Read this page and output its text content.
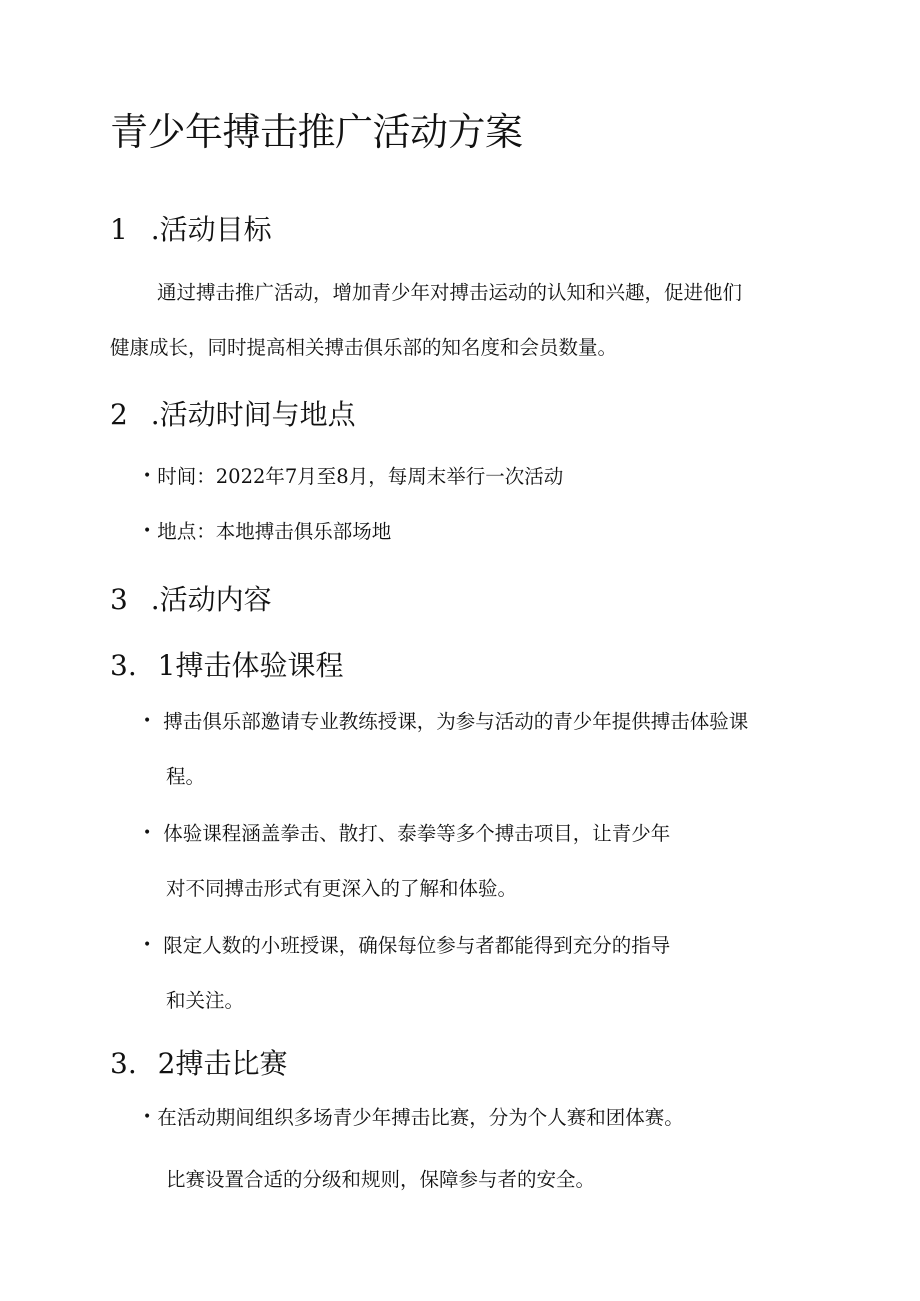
青少年搏击推广活动方案
1 .活动目标
通过搏击推广活动，增加青少年对搏击运动的认知和兴趣，促进他们
健康成长，同时提高相关搏击俱乐部的知名度和会员数量。
2 .活动时间与地点
• 时间：2022年7月至8月，每周末举行一次活动
• 地点：本地搏击俱乐部场地
3 .活动内容
3. 1搏击体验课程
• 搏击俱乐部邀请专业教练授课，为参与活动的青少年提供搏击体验课
程。
• 体验课程涵盖拳击、散打、泰拳等多个搏击项目，让青少年
对不同搏击形式有更深入的了解和体验。
• 限定人数的小班授课，确保每位参与者都能得到充分的指导
和关注。
3. 2搏击比赛
• 在活动期间组织多场青少年搏击比赛，分为个人赛和团体赛。
比赛设置合适的分级和规则，保障参与者的安全。
